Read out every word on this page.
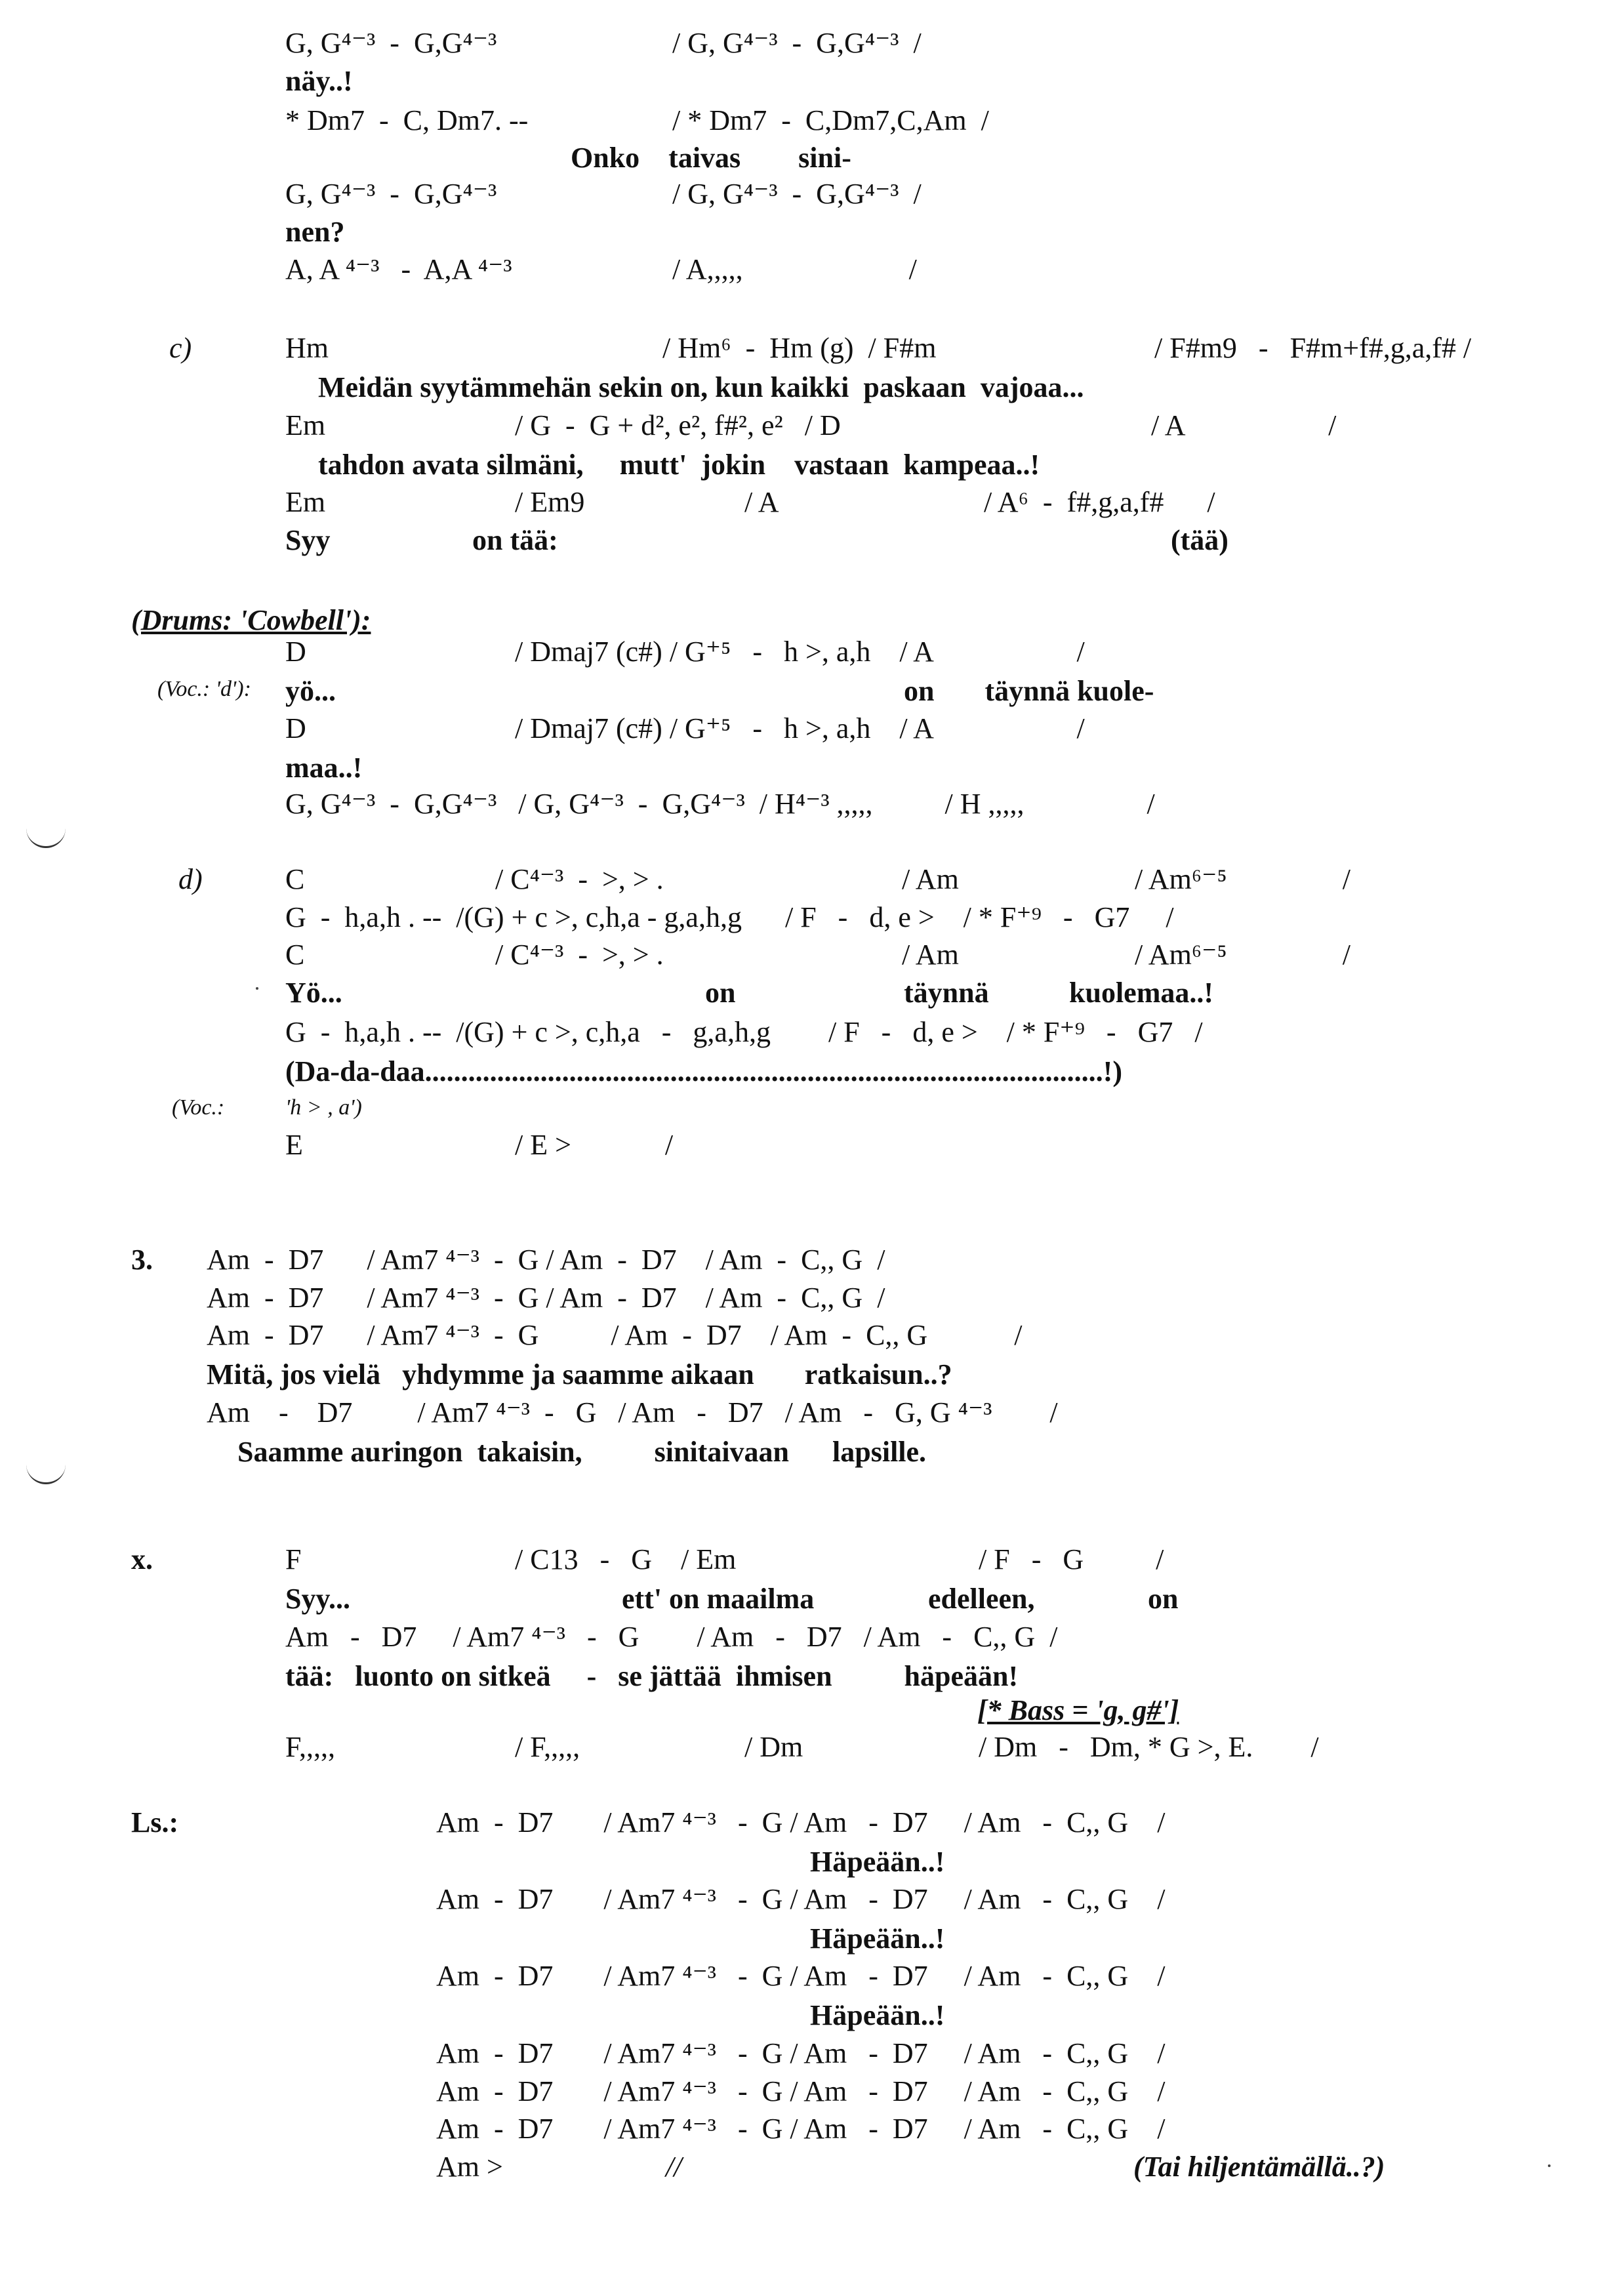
G, G⁴⁻³  -  G,G⁴⁻³	/ G, G⁴⁻³  -  G,G⁴⁻³  /
näy..!
* Dm7  -  C, Dm7. --	/ * Dm7  -  C,Dm7,C,Am  /
Onko    taivas        sini-
G, G⁴⁻³  -  G,G⁴⁻³	/ G, G⁴⁻³  -  G,G⁴⁻³  /
nen?
A, A ⁴⁻³   -  A,A ⁴⁻³	/ A,,,,,                       /
c)	Hm	/ Hm⁶  -  Hm (g)  / F#m	/ F#m9   -   F#m+f#,g,a,f# /
Meidän syytämmehän sekin on, kun kaikki  paskaan  vajoaa...
Em	/ G  -  G + d², e², f#², e²   / D	/ A                    /
tahdon avata silmäni,     mutt'  jokin    vastaan  kampeaa..!
Em	/ Em9	/ A	/ A⁶  -  f#,g,a,f#      /
Syy	on tää:	(tää)
(Drums: 'Cowbell'):
D	/ Dmaj7 (c#) / G⁺⁵   -   h >, a,h    / A                    /
(Voc.: 'd'): yö...	on       täynnä kuole-
D	/ Dmaj7 (c#) / G⁺⁵   -   h >, a,h    / A                    /
maa..!
G, G⁴⁻³  -  G,G⁴⁻³   / G, G⁴⁻³  -  G,G⁴⁻³  / H⁴⁻³ ,,,,,          / H ,,,,,                 /
d)	C	/ C⁴⁻³  -  >, > .	/ Am	/ Am⁶⁻⁵                /
G  -  h,a,h . --  /(G) + c >, c,h,a - g,a,h,g      / F   -   d, e >    / * F⁺⁹   -   G7     /
C	/ C⁴⁻³  -  >, > .	/ Am	/ Am⁶⁻⁵                /
Yö...	on	täynnä	kuolemaa..!
G  -  h,a,h . --  /(G) + c >, c,h,a   -   g,a,h,g        / F   -   d, e >    / * F⁺⁹   -   G7   /
(Da-da-daa..............................................................................................!)
(Voc.:	'h > , a')
E	/ E >             /
3. Am  -  D7      / Am7 ⁴⁻³  -  G / Am  -  D7    / Am  -  C,, G  /
Am  -  D7      / Am7 ⁴⁻³  -  G / Am  -  D7    / Am  -  C,, G  /
Am  -  D7      / Am7 ⁴⁻³  -  G          / Am  -  D7    / Am  -  C,, G            /
Mitä, jos vielä   yhdymme ja saamme aikaan       ratkaisun..?
Am    -    D7         / Am7 ⁴⁻³  -   G   / Am   -   D7   / Am   -   G, G ⁴⁻³        /
Saamme auringon  takaisin,          sinitaivaan      lapsille.
x.	F	/ C13   -   G    / Em	/ F   -   G          /
Syy...	ett' on maailma	edelleen,	on
Am   -   D7     / Am7 ⁴⁻³   -   G        / Am   -   D7   / Am   -   C,, G  /
tää:   luonto on sitkeä     -   se jättää  ihmisen          häpeään!
[* Bass = 'g, g#']
F,,,,,	/ F,,,,,	/ Dm	/ Dm   -   Dm, * G >, E.        /
Ls.:	Am  -  D7       / Am7 ⁴⁻³   -  G / Am   -  D7     / Am   -  C,, G    /
Häpeään..!
Am  -  D7       / Am7 ⁴⁻³   -  G / Am   -  D7     / Am   -  C,, G    /
Häpeään..!
Am  -  D7       / Am7 ⁴⁻³   -  G / Am   -  D7     / Am   -  C,, G    /
Häpeään..!
Am  -  D7       / Am7 ⁴⁻³   -  G / Am   -  D7     / Am   -  C,, G    /
Am  -  D7       / Am7 ⁴⁻³   -  G / Am   -  D7     / Am   -  C,, G    /
Am  -  D7       / Am7 ⁴⁻³   -  G / Am   -  D7     / Am   -  C,, G    /
Am >	//	(Tai hiljentämällä..?)
